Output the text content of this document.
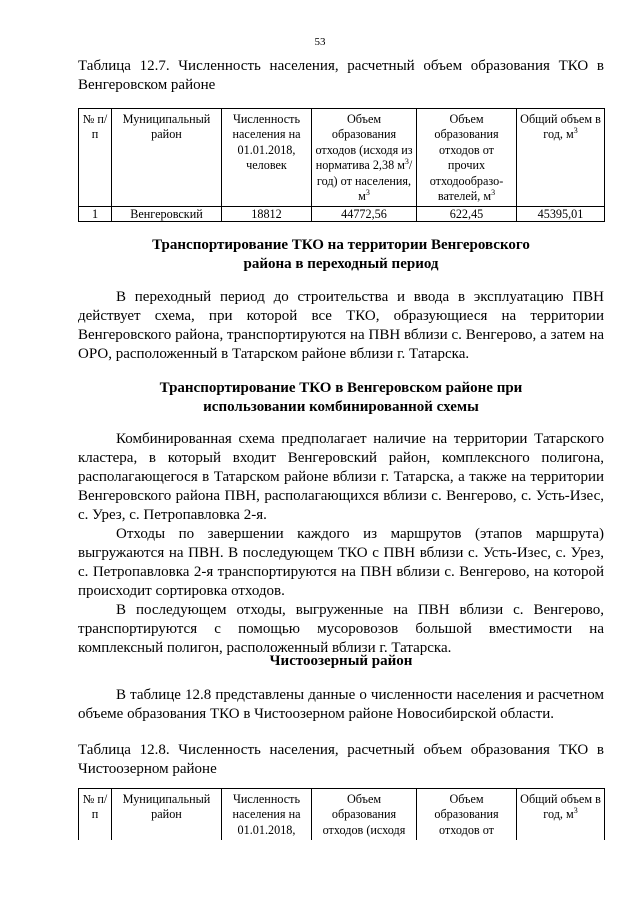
53
Таблица 12.7. Численность населения, расчетный объем образования ТКО в Венгеровском районе
№ п/п	Муниципальный район	Численность населения на 01.01.2018, человек	Объем образования отходов (исходя из норматива 2,38 $м^3/год$) от населения, $м^3$	Объем образования отходов от прочих отходообразо-вателей, $м^3$	Общий объем в год, $м^3$
1	Венгеровский	18812	44772,56	622,45	45395,01
Транспортирование ТКО на территории Венгеровского района в переходный период

В переходный период до строительства и ввода в эксплуатацию ПВН действует схема, при которой все ТКО, образующиеся на территории Венгеровского района, транспортируются на ПВН вблизи с. Венгерово, а затем на ОРО, расположенный в Татарском районе вблизи г. Татарска.

Транспортирование ТКО в Венгеровском районе при использовании комбинированной схемы

Комбинированная схема предполагает наличие на территории Татарского кластера, в который входит Венгеровский район, комплексного полигона, располагающегося в Татарском районе вблизи г. Татарска, а также на территории Венгеровского района ПВН, располагающихся вблизи с. Венгерово, с. Усть-Изес, с. Урез, с. Петропавловка 2-я.

Отходы по завершении каждого из маршрутов (этапов маршрута) выгружаются на ПВН. В последующем ТКО с ПВН вблизи с. Усть-Изес, с. Урез, с. Петропавловка 2-я транспортируются на ПВН вблизи с. Венгерово, на которой происходит сортировка отходов.

В последующем отходы, выгруженные на ПВН вблизи с. Венгерово, транспортируются с помощью мусоровозов большой вместимости на комплексный полигон, расположенный вблизи г. Татарска.

Чистоозерный район

В таблице 12.8 представлены данные о численности населения и расчетном объеме образования ТКО в Чистоозерном районе Новосибирской области.

Таблица 12.8. Численность населения, расчетный объем образования ТКО в Чистоозерном районе
№ п/п	Муниципальный район	Численность населения на 01.01.2018,	Объем образования отходов (исходя	Объем образования отходов от	Общий объем в год, $м^3$
